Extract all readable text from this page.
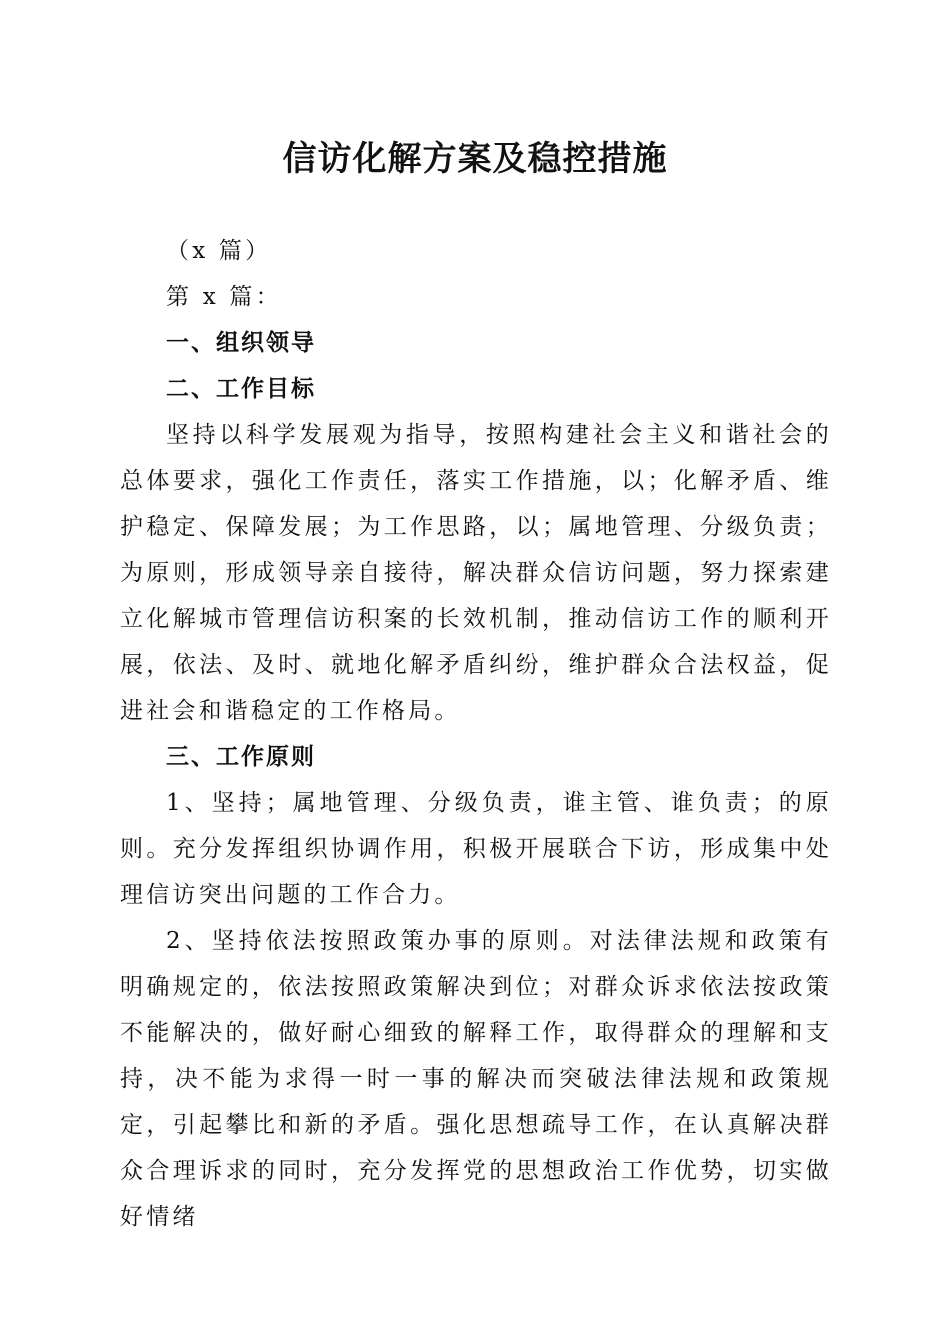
信访化解方案及稳控措施

（x 篇）

第 x 篇：

一、组织领导

二、工作目标

坚持以科学发展观为指导，按照构建社会主义和谐社会的总体要求，强化工作责任，落实工作措施，以；化解矛盾、维护稳定、保障发展；为工作思路，以；属地管理、分级负责；为原则，形成领导亲自接待，解决群众信访问题，努力探索建立化解城市管理信访积案的长效机制，推动信访工作的顺利开展，依法、及时、就地化解矛盾纠纷，维护群众合法权益，促进社会和谐稳定的工作格局。

三、工作原则

1、坚持；属地管理、分级负责，谁主管、谁负责；的原则。充分发挥组织协调作用，积极开展联合下访，形成集中处理信访突出问题的工作合力。

2、坚持依法按照政策办事的原则。对法律法规和政策有明确规定的，依法按照政策解决到位；对群众诉求依法按政策不能解决的，做好耐心细致的解释工作，取得群众的理解和支持，决不能为求得一时一事的解决而突破法律法规和政策规定，引起攀比和新的矛盾。强化思想疏导工作，在认真解决群众合理诉求的同时，充分发挥党的思想政治工作优势，切实做好情绪
